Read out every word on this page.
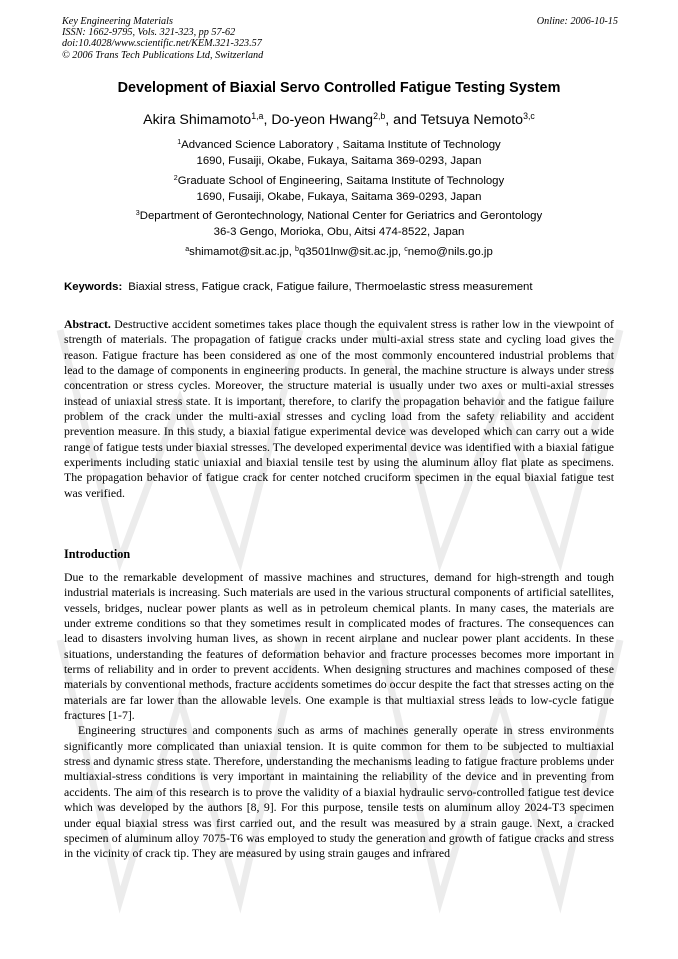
Key Engineering Materials
ISSN: 1662-9795, Vols. 321-323, pp 57-62
doi:10.4028/www.scientific.net/KEM.321-323.57
© 2006 Trans Tech Publications Ltd, Switzerland
Online: 2006-10-15
Development of Biaxial Servo Controlled Fatigue Testing System
Akira Shimamoto$^{1,a}$, Do-yeon Hwang$^{2,b}$, and Tetsuya Nemoto$^{3,c}$
$^1$Advanced Science Laboratory , Saitama Institute of Technology
1690, Fusaiji, Okabe, Fukaya, Saitama 369-0293, Japan
$^2$Graduate School of Engineering, Saitama Institute of Technology
1690, Fusaiji, Okabe, Fukaya, Saitama 369-0293, Japan
$^3$Department of Gerontechnology, National Center for Geriatrics and Gerontology
36-3 Gengo, Morioka, Obu, Aitsi 474-8522, Japan
$^a$shimamot@sit.ac.jp, $^b$q3501lnw@sit.ac.jp, $^c$nemo@nils.go.jp
Keywords: Biaxial stress, Fatigue crack, Fatigue failure, Thermoelastic stress measurement

Abstract. Destructive accident sometimes takes place though the equivalent stress is rather low in the viewpoint of strength of materials. The propagation of fatigue cracks under multi-axial stress state and cycling load gives the reason. Fatigue fracture has been considered as one of the most commonly encountered industrial problems that lead to the damage of components in engineering products. In general, the machine structure is always under stress concentration or stress cycles. Moreover, the structure material is usually under two axes or multi-axial stresses instead of uniaxial stress state. It is important, therefore, to clarify the propagation behavior and the fatigue failure problem of the crack under the multi-axial stresses and cycling load from the safety reliability and accident prevention measure. In this study, a biaxial fatigue experimental device was developed which can carry out a wide range of fatigue tests under biaxial stresses. The developed experimental device was identified with a biaxial fatigue experiments including static uniaxial and biaxial tensile test by using the aluminum alloy flat plate as specimens. The propagation behavior of fatigue crack for center notched cruciform specimen in the equal biaxial fatigue test was verified.

Introduction

Due to the remarkable development of massive machines and structures, demand for high-strength and tough industrial materials is increasing. Such materials are used in the various structural components of artificial satellites, vessels, bridges, nuclear power plants as well as in petroleum chemical plants. In many cases, the materials are under extreme conditions so that they sometimes result in complicated modes of fractures. The consequences can lead to disasters involving human lives, as shown in recent airplane and nuclear power plant accidents. In these situations, understanding the features of deformation behavior and fracture processes becomes more important in terms of reliability and in order to prevent accidents. When designing structures and machines composed of these materials by conventional methods, fracture accidents sometimes do occur despite the fact that stresses acting on the materials are far lower than the allowable levels. One example is that multiaxial stress leads to low-cycle fatigue fractures [1-7].

Engineering structures and components such as arms of machines generally operate in stress environments significantly more complicated than uniaxial tension. It is quite common for them to be subjected to multiaxial stress and dynamic stress state. Therefore, understanding the mechanisms leading to fatigue fracture problems under multiaxial-stress conditions is very important in maintaining the reliability of the device and in preventing from accidents. The aim of this research is to prove the validity of a biaxial hydraulic servo-controlled fatigue test device which was developed by the authors [8, 9]. For this purpose, tensile tests on aluminum alloy 2024-T3 specimen under equal biaxial stress was first carried out, and the result was measured by a strain gauge. Next, a cracked specimen of aluminum alloy 7075-T6 was employed to study the generation and growth of fatigue cracks and stress in the vicinity of crack tip. They are measured by using strain gauges and infrared
